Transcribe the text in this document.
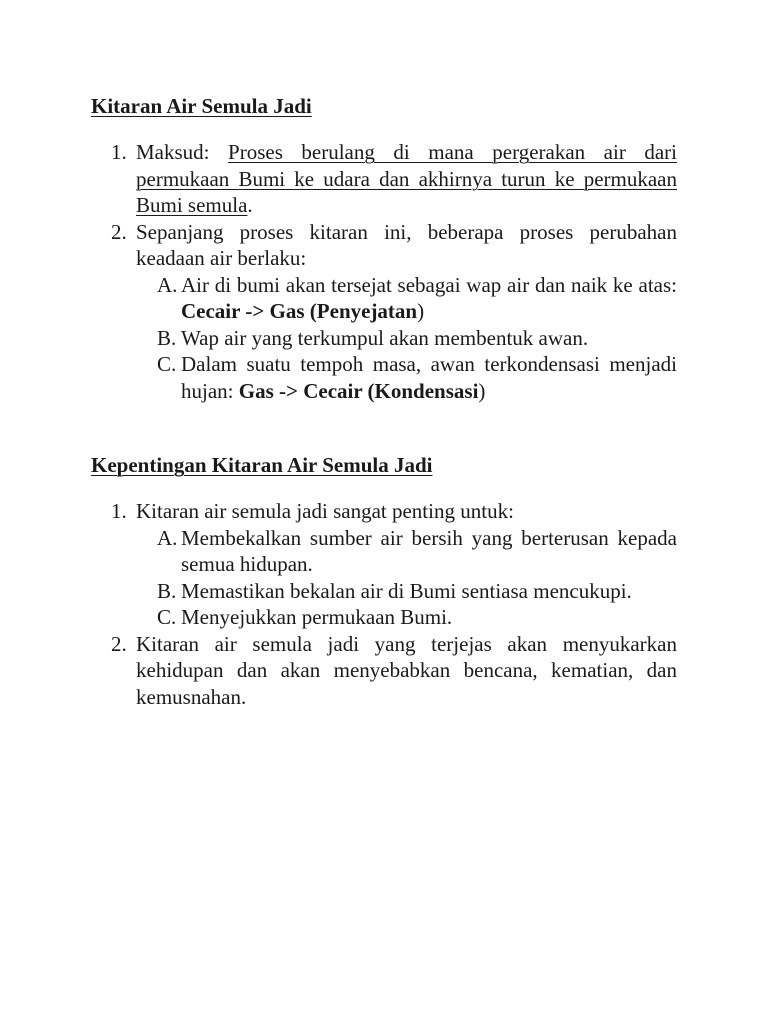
Kitaran Air Semula Jadi
1. Maksud: Proses berulang di mana pergerakan air dari permukaan Bumi ke udara dan akhirnya turun ke permukaan Bumi semula.
2. Sepanjang proses kitaran ini, beberapa proses perubahan keadaan air berlaku:
A. Air di bumi akan tersejat sebagai wap air dan naik ke atas: Cecair -> Gas (Penyejatan)
B. Wap air yang terkumpul akan membentuk awan.
C. Dalam suatu tempoh masa, awan terkondensasi menjadi hujan: Gas -> Cecair (Kondensasi)
Kepentingan Kitaran Air Semula Jadi
1. Kitaran air semula jadi sangat penting untuk:
A. Membekalkan sumber air bersih yang berterusan kepada semua hidupan.
B. Memastikan bekalan air di Bumi sentiasa mencukupi.
C. Menyejukkan permukaan Bumi.
2. Kitaran air semula jadi yang terjejas akan menyukarkan kehidupan dan akan menyebabkan bencana, kematian, dan kemusnahan.
